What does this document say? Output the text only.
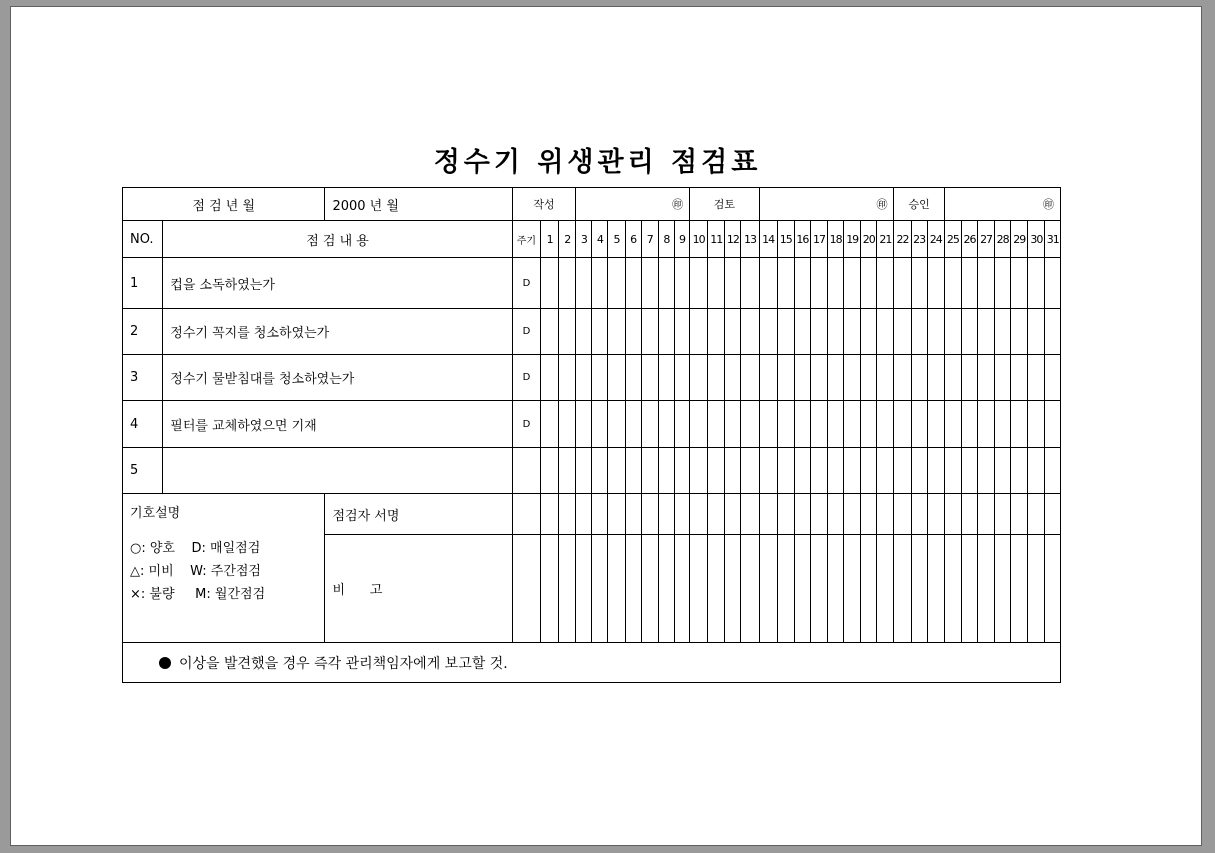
정수기 위생관리 점검표
점 검 년 월		2000 년 월	작성			㊞							검토				㊞								승인			㊞						
NO.	점 검 내 용		주기	1	2	3	4	5	6	7	8	9	10	11	12	13	14	15	16	17	18	19	20	21	22	23	24	25	26	27	28	29	30	31
1	컵을 소독하였는가		D																															
2	정수기 꼭지를 청소하였는가		D																															
3	정수기 물받침대를 청소하였는가		D																															
4	필터를 교체하였으면 기재		D																															
5																																		

기호설명
○: 양호    D: 매일점검
△: 미비    W: 주간점검
×: 불량     M: 월간점검		점검자 서명																																
		비      고																																
이상을 발견했을 경우 즉각 관리책임자에게 보고할 것.																																		
